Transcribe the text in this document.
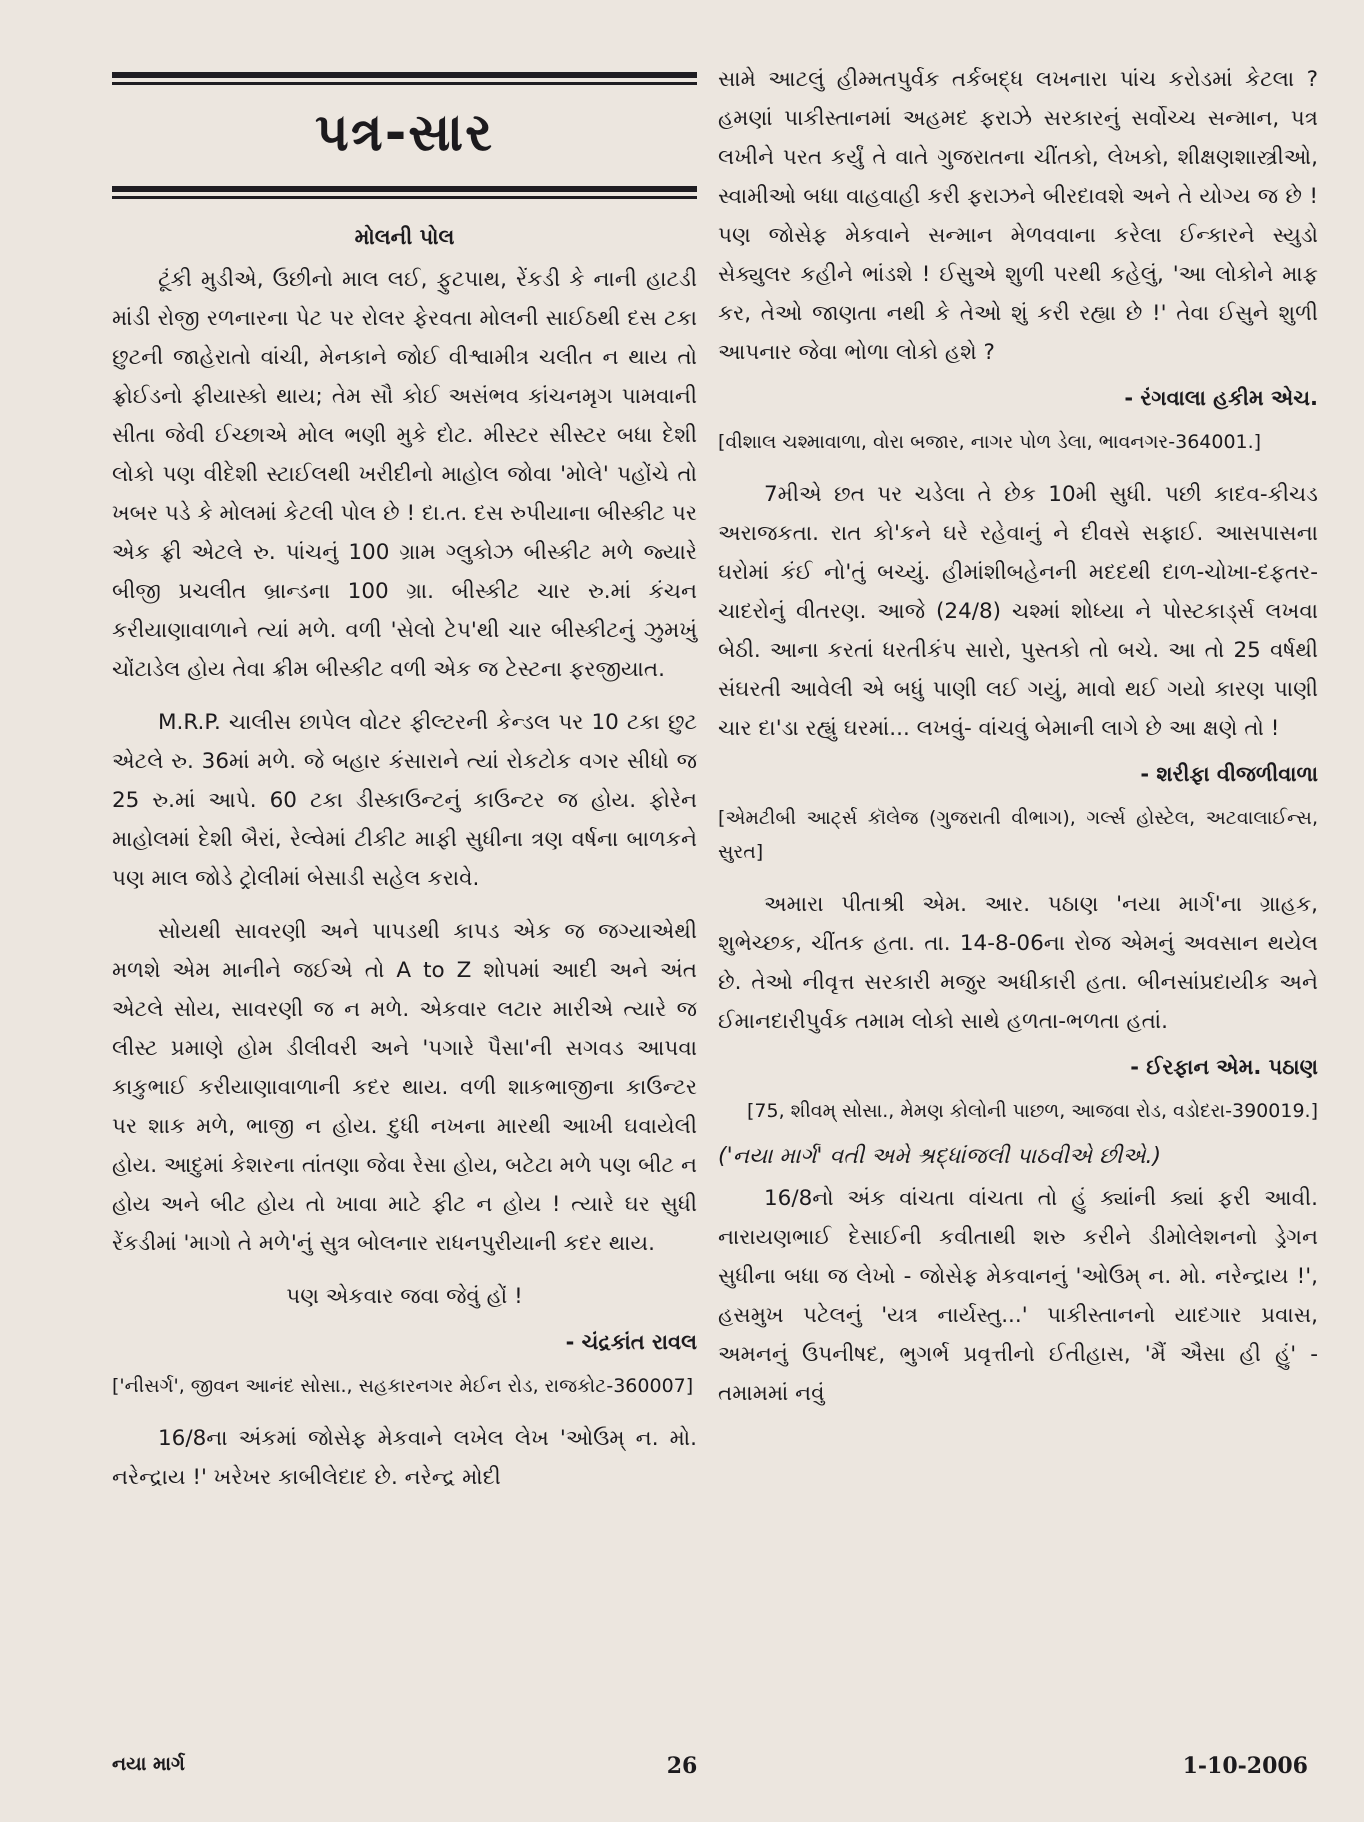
પત્ર-સાર
મોલની પોલ

ટૂંકી મુડીએ, ઉછીનો માલ લઈ, ફુટપાથ, રેંકડી કે નાની હાટડી માંડી રોજી રળનારના પેટ પર રોલર ફેરવતા મોલની સાઈઠથી દસ ટકા છુટની જાહેરાતો વાંચી, મેનકાને જોઈ વીશ્વામીત્ર ચલીત ન થાય તો ફ્રોઈડનો ફીયાસ્કો થાય; તેમ સૌ કોઈ અસંભવ કાંચનમૃગ પામવાની સીતા જેવી ઈચ્છાએ મોલ ભણી મુકે દોટ. મીસ્ટર સીસ્ટર બધા દેશી લોકો પણ વીદેશી સ્ટાઈલથી ખરીદીનો માહોલ જોવા 'મોલે' પહોંચે તો ખબર પડે કે મોલમાં કેટલી પોલ છે ! દા.ત. દસ રુપીયાના બીસ્કીટ પર એક ફ્રી એટલે રુ. પાંચનું 100 ગ્રામ ગ્લુકોઝ બીસ્કીટ મળે જ્યારે બીજી પ્રચલીત બ્રાન્ડના 100 ગ્રા. બીસ્કીટ ચાર રુ.માં કંચન કરીયાણાવાળાને ત્યાં મળે. વળી 'સેલો ટેપ'થી ચાર બીસ્કીટનું ઝુમખું ચોંટાડેલ હોય તેવા ક્રીમ બીસ્કીટ વળી એક જ ટેસ્ટના ફરજીયાત.

M.R.P. ચાલીસ છાપેલ વોટર ફીલ્ટરની કેન્ડલ પર 10 ટકા છુટ એટલે રુ. 36માં મળે. જે બહાર કંસારાને ત્યાં રોકટોક વગર સીધો જ 25 રુ.માં આપે. 60 ટકા ડીસ્કાઉન્ટનું કાઉન્ટર જ હોય. ફોરેન માહોલમાં દેશી બૈરાં, રેલ્વેમાં ટીકીટ માફી સુધીના ત્રણ વર્ષના બાળકને પણ માલ જોડે ટ્રોલીમાં બેસાડી સહેલ કરાવે.

સોયથી સાવરણી અને પાપડથી કાપડ એક જ જગ્યાએથી મળશે એમ માનીને જઈએ તો A to Z શોપમાં આદી અને અંત એટલે સોય, સાવરણી જ ન મળે. એકવાર લટાર મારીએ ત્યારે જ લીસ્ટ પ્રમાણે હોમ ડીલીવરી અને 'પગારે પૈસા'ની સગવડ આપવા કાકુભાઈ કરીયાણાવાળાની કદર થાય. વળી શાકભાજીના કાઉન્ટર પર શાક મળે, ભાજી ન હોય. દુધી નખના મારથી આખી ઘવાયેલી હોય. આદુમાં કેશરના તાંતણા જેવા રેસા હોય, બટેટા મળે પણ બીટ ન હોય અને બીટ હોય તો ખાવા માટે ફીટ ન હોય ! ત્યારે ઘર સુધી રેંકડીમાં 'માગો તે મળે'નું સુત્ર બોલનાર રાધનપુરીયાની કદર થાય.

પણ એકવાર જવા જેવું હોં !

- ચંદ્રકાંત રાવલ
['નીસર્ગ', જીવન આનંદ સોસા., સહકારનગર મેઈન રોડ, રાજકોટ-360007]

16/8ના અંકમાં જોસેફ મેકવાને લખેલ લેખ 'ઓઉમ્ ન. મો. નરેન્દ્રાય !' ખરેખર કાબીલેદાદ છે. નરેન્દ્ર મોદી

સામે આટલું હીમ્મતપુર્વક તર્કબદ્ધ લખનારા પાંચ કરોડમાં કેટલા ? હમણાં પાકીસ્તાનમાં અહમદ ફરાઝે સરકારનું સર્વોચ્ચ સન્માન, પત્ર લખીને પરત કર્યું તે વાતે ગુજરાતના ચીંતકો, લેખકો, શીક્ષણશાસ્ત્રીઓ, સ્વામીઓ બધા વાહવાહી કરી ફરાઝને બીરદાવશે અને તે યોગ્ય જ છે ! પણ જોસેફ મેકવાને સન્માન મેળવવાના કરેલા ઈન્કારને સ્યુડો સેક્યુલર કહીને ભાંડશે ! ઈસુએ શુળી પરથી કહેલું, 'આ લોકોને માફ કર, તેઓ જાણતા નથી કે તેઓ શું કરી રહ્યા છે !' તેવા ઈસુને શુળી આપનાર જેવા ભોળા લોકો હશે ?

- રંગવાલા હકીમ એચ.
[વીશાલ ચશ્માવાળા, વોરા બજાર, નાગર પોળ ડેલા, ભાવનગર-364001.]

7મીએ છત પર ચડેલા તે છેક 10મી સુધી. પછી કાદવ-કીચડ અરાજકતા. રાત કો'કને ઘરે રહેવાનું ને દીવસે સફાઈ. આસપાસના ઘરોમાં કંઈ નો'તું બચ્યું. હીમાંશીબહેનની મદદથી દાળ-ચોખા-દફતર-ચાદરોનું વીતરણ. આજે (24/8) ચશ્માં શોધ્યા ને પોસ્ટકાર્ડ્સ લખવા બેઠી. આના કરતાં ધરતીકંપ સારો, પુસ્તકો તો બચે. આ તો 25 વર્ષથી સંઘરતી આવેલી એ બધું પાણી લઈ ગયું, માવો થઈ ગયો કારણ પાણી ચાર દા'ડા રહ્યું ઘરમાં... લખવું- વાંચવું બેમાની લાગે છે આ ક્ષણે તો !

- શરીફા વીજળીવાળા
[એમટીબી આર્ટ્સ કૉલેજ (ગુજરાતી વીભાગ), ગર્લ્સ હોસ્ટેલ, અટવાલાઈન્સ, સુરત]

અમારા પીતાશ્રી એમ. આર. પઠાણ 'નયા માર્ગ'ના ગ્રાહક, શુભેચ્છક, ચીંતક હતા. તા. 14-8-06ના રોજ એમનું અવસાન થયેલ છે. તેઓ નીવૃત્ત સરકારી મજુર અધીકારી હતા. બીનસાંપ્રદાયીક અને ઈમાનદારીપુર્વક તમામ લોકો સાથે હળતા-ભળતા હતાં.

- ઈરફાન એમ. પઠાણ
[75, શીવમ્ સોસા., મેમણ કોલોની પાછળ, આજવા રોડ, વડોદરા-390019.]
('નયા માર્ગ' વતી અમે શ્રદ્ધાંજલી પાઠવીએ છીએ.)

16/8નો અંક વાંચતા વાંચતા તો હું ક્યાંની ક્યાં ફરી આવી. નારાયણભાઈ દેસાઈની કવીતાથી શરુ કરીને ડીમોલેશનનો ડ્રેગન સુધીના બધા જ લેખો - જોસેફ મેકવાનનું 'ઓઉમ્ ન. મો. નરેન્દ્રાય !', હસમુખ પટેલનું 'યત્ર નાર્યસ્તુ...' પાકીસ્તાનનો યાદગાર પ્રવાસ, અમનનું ઉપનીષદ, ભુગર્ભ પ્રવૃત્તીનો ઈતીહાસ, 'મૈં ઐસા હી હું' - તમામમાં નવું

નયા માર્ગ	26	1-10-2006
